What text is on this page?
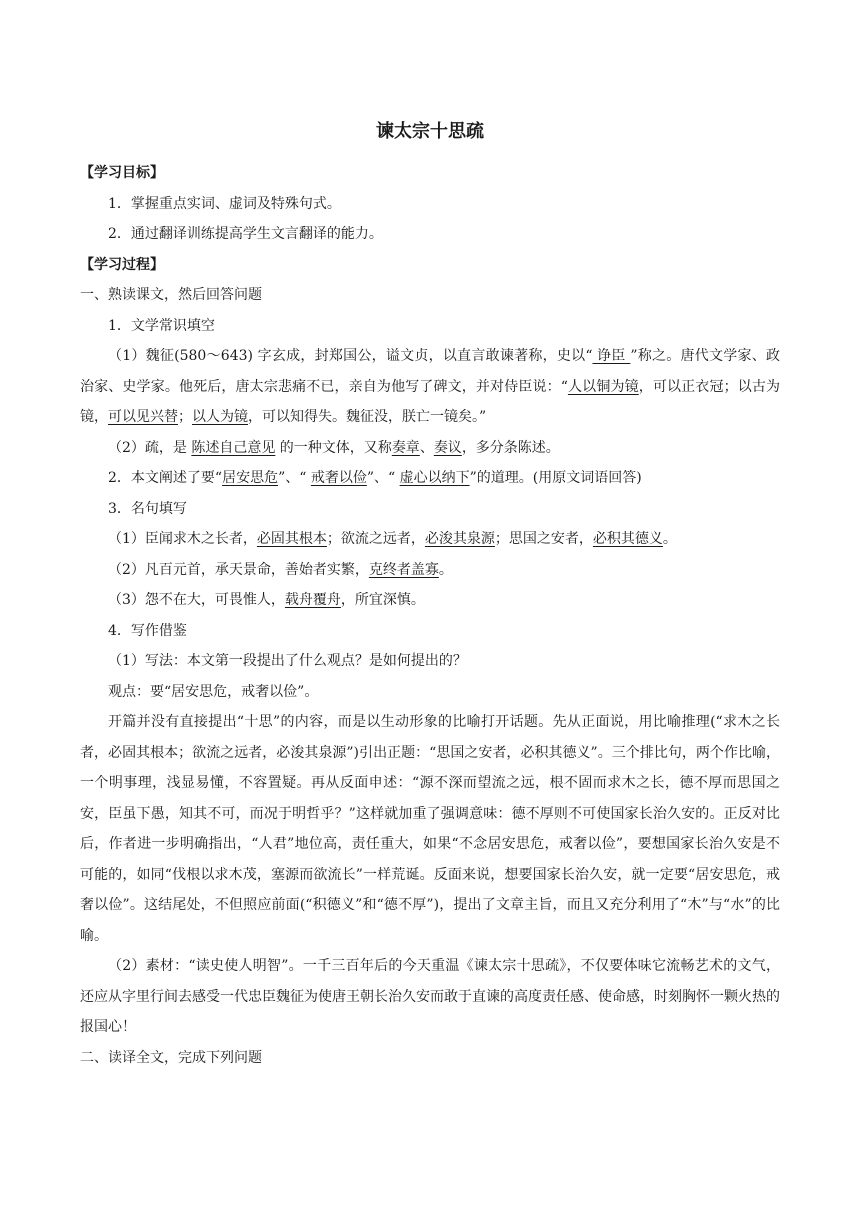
谏太宗十思疏

【学习目标】

1．掌握重点实词、虚词及特殊句式。

2．通过翻译训练提高学生文言翻译的能力。

【学习过程】

一、熟读课文，然后回答问题

1．文学常识填空

（1）魏征(580～643) 字玄成，封郑国公，谥文贞，以直言敢谏著称，史以“ 诤臣 ”称之。唐代文学家、政治家、史学家。他死后，唐太宗悲痛不已，亲自为他写了碑文，并对侍臣说：“人以铜为镜，可以正衣冠；以古为镜，可以见兴替；以人为镜，可以知得失。魏征没，朕亡一镜矣。”

（2）疏，是 陈述自己意见 的一种文体，又称奏章、奏议，多分条陈述。

2．本文阐述了要“居安思危”、“ 戒奢以俭”、“ 虚心以纳下”的道理。(用原文词语回答)

3．名句填写

（1）臣闻求木之长者，必固其根本；欲流之远者，必浚其泉源；思国之安者，必积其德义。

（2）凡百元首，承天景命，善始者实繁，克终者盖寡。

（3）怨不在大，可畏惟人，载舟覆舟，所宜深慎。

4．写作借鉴

（1）写法：本文第一段提出了什么观点？是如何提出的？

观点：要“居安思危，戒奢以俭”。

开篇并没有直接提出“十思”的内容，而是以生动形象的比喻打开话题。先从正面说，用比喻推理(“求木之长者，必固其根本；欲流之远者，必浚其泉源”)引出正题：“思国之安者，必积其德义”。三个排比句，两个作比喻，一个明事理，浅显易懂，不容置疑。再从反面申述：“源不深而望流之远，根不固而求木之长，德不厚而思国之安，臣虽下愚，知其不可，而况于明哲乎？”这样就加重了强调意味：德不厚则不可使国家长治久安的。正反对比后，作者进一步明确指出，“人君”地位高，责任重大，如果“不念居安思危，戒奢以俭”，要想国家长治久安是不可能的，如同“伐根以求木茂，塞源而欲流长”一样荒诞。反面来说，想要国家长治久安，就一定要“居安思危，戒奢以俭”。这结尾处，不但照应前面(“积德义”和“德不厚”)，提出了文章主旨，而且又充分利用了“木”与“水”的比喻。

（2）素材：“读史使人明智”。一千三百年后的今天重温《谏太宗十思疏》，不仅要体味它流畅艺术的文气，还应从字里行间去感受一代忠臣魏征为使唐王朝长治久安而敢于直谏的高度责任感、使命感，时刻胸怀一颗火热的报国心！

二、读译全文，完成下列问题
